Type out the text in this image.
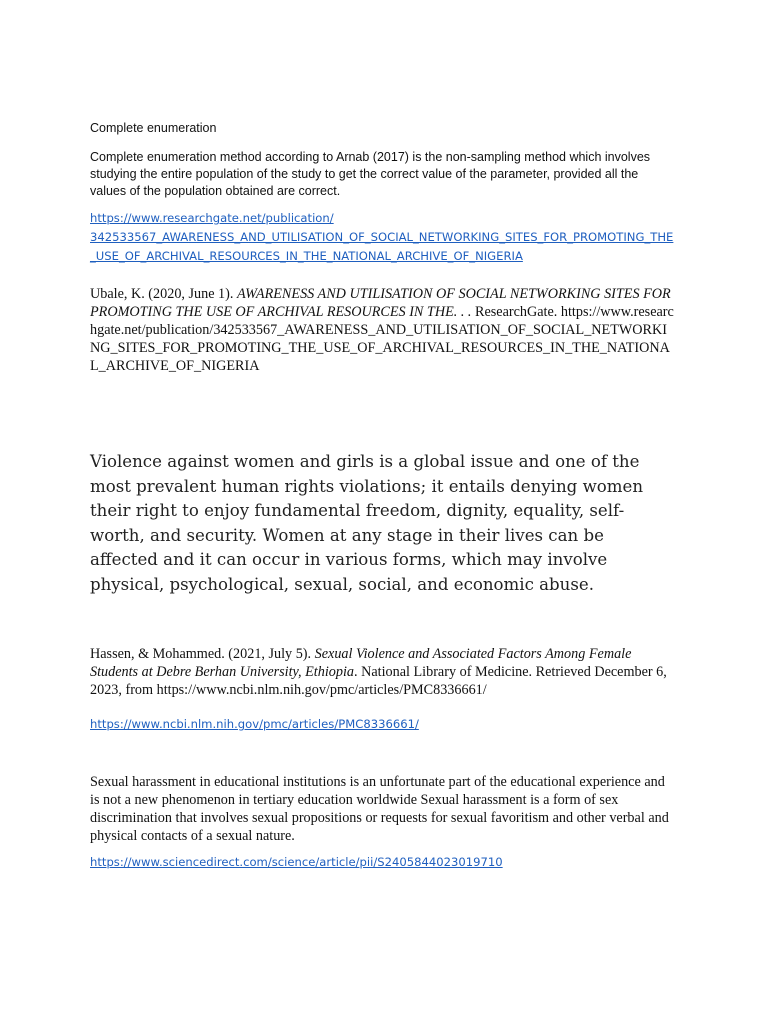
Complete enumeration

Complete enumeration method according to Arnab (2017) is the non-sampling method which involves studying the entire population of the study to get the correct value of the parameter, provided all the values of the population obtained are correct.

https://www.researchgate.net/publication/
342533567_AWARENESS_AND_UTILISATION_OF_SOCIAL_NETWORKING_SITES_FOR_PROMOTING_THE
_USE_OF_ARCHIVAL_RESOURCES_IN_THE_NATIONAL_ARCHIVE_OF_NIGERIA

Ubale, K. (2020, June 1). AWARENESS AND UTILISATION OF SOCIAL NETWORKING SITES FOR PROMOTING THE USE OF ARCHIVAL RESOURCES IN THE. . . ResearchGate. https://www.researchgate.net/publication/342533567_AWARENESS_AND_UTILISATION_OF_SOCIAL_NETWORKING_SITES_FOR_PROMOTING_THE_USE_OF_ARCHIVAL_RESOURCES_IN_THE_NATIONAL_ARCHIVE_OF_NIGERIA

Violence against women and girls is a global issue and one of the most prevalent human rights violations; it entails denying women their right to enjoy fundamental freedom, dignity, equality, self-worth, and security. Women at any stage in their lives can be affected and it can occur in various forms, which may involve physical, psychological, sexual, social, and economic abuse.

Hassen, & Mohammed. (2021, July 5). Sexual Violence and Associated Factors Among Female Students at Debre Berhan University, Ethiopia. National Library of Medicine. Retrieved December 6, 2023, from https://www.ncbi.nlm.nih.gov/pmc/articles/PMC8336661/

https://www.ncbi.nlm.nih.gov/pmc/articles/PMC8336661/

Sexual harassment in educational institutions is an unfortunate part of the educational experience and is not a new phenomenon in tertiary education worldwide Sexual harassment is a form of sex discrimination that involves sexual propositions or requests for sexual favoritism and other verbal and physical contacts of a sexual nature.

https://www.sciencedirect.com/science/article/pii/S2405844023019710
